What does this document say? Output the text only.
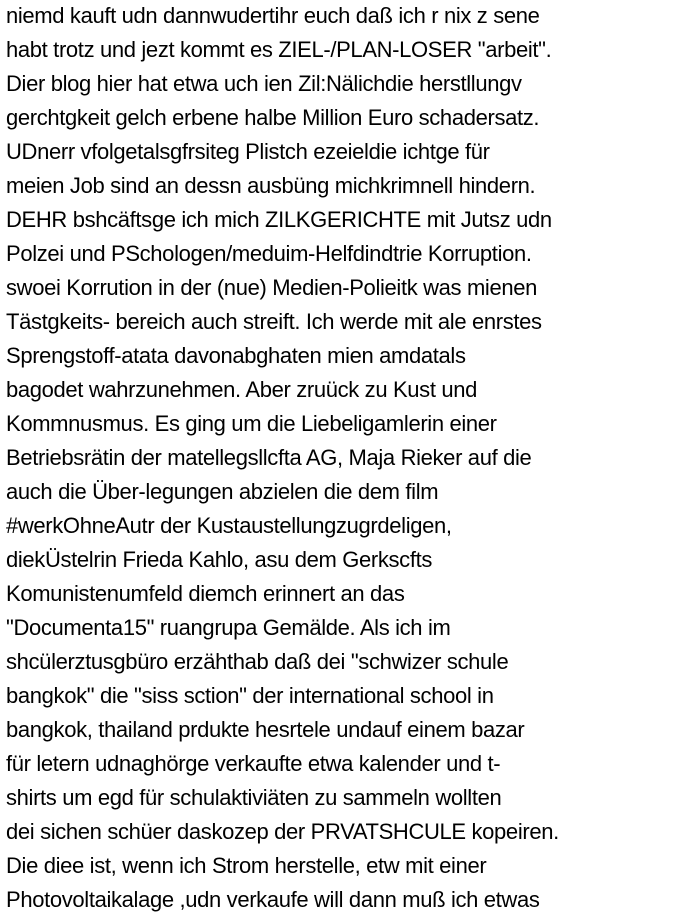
niemd kauft udn dannwudertihr euch daß ich r nix z sene
habt trotz und jezt kommt es ZIEL-/PLAN-LOSER "arbeit".
Dier blog hier hat etwa uch ien Zil:Nälichdie herstllungv
gerchtgkeit gelch erbene halbe Million Euro schadersatz.
UDnerr vfolgetalsgfrsiteg Plistch ezeieldie ichtge für
meien Job sind an dessn ausbüng michkrimnell hindern.
DEHR bshcäftsge ich mich ZILKGERICHTE mit Jutsz udn
Polzei und PSchologen/meduim-Helfdindtrie Korruption.
swoei Korrution in der (nue) Medien-Polieitk was mienen
Tästgkeits- bereich auch streift. Ich werde mit ale enrstes
Sprengstoff-atata davonabghaten mien amdatals
bagodet wahrzunehmen. Aber zruück zu Kust und
Kommnusmus. Es ging um die Liebeligamlerin einer
Betriebsrätin der matellegsllcfta AG, Maja Rieker auf die
auch die Über-legungen abzielen die dem film
#werkOhneAutr der Kustaustellungzugrdeligen,
diekÜstelrin Frieda Kahlo, asu dem Gerkscfts
Komunistenumfeld diemch erinnert an das
"Documenta15" ruangrupa Gemälde. Als ich im
shcülerztusgbüro erzähthab daß dei "schwizer schule
bangkok" die "siss sction" der international school in
bangkok, thailand prdukte hesrtele undauf einem bazar
für letern udnaghörge verkaufte etwa kalender und t-
shirts um egd für schulaktiviäten zu sammeln wollten
dei sichen schüer daskozep der PRVATSHCULE kopeiren.
Die diee ist, wenn ich Strom herstelle, etw mit einer
Photovoltaikalage ,udn verkaufe will dann muß ich etwas
